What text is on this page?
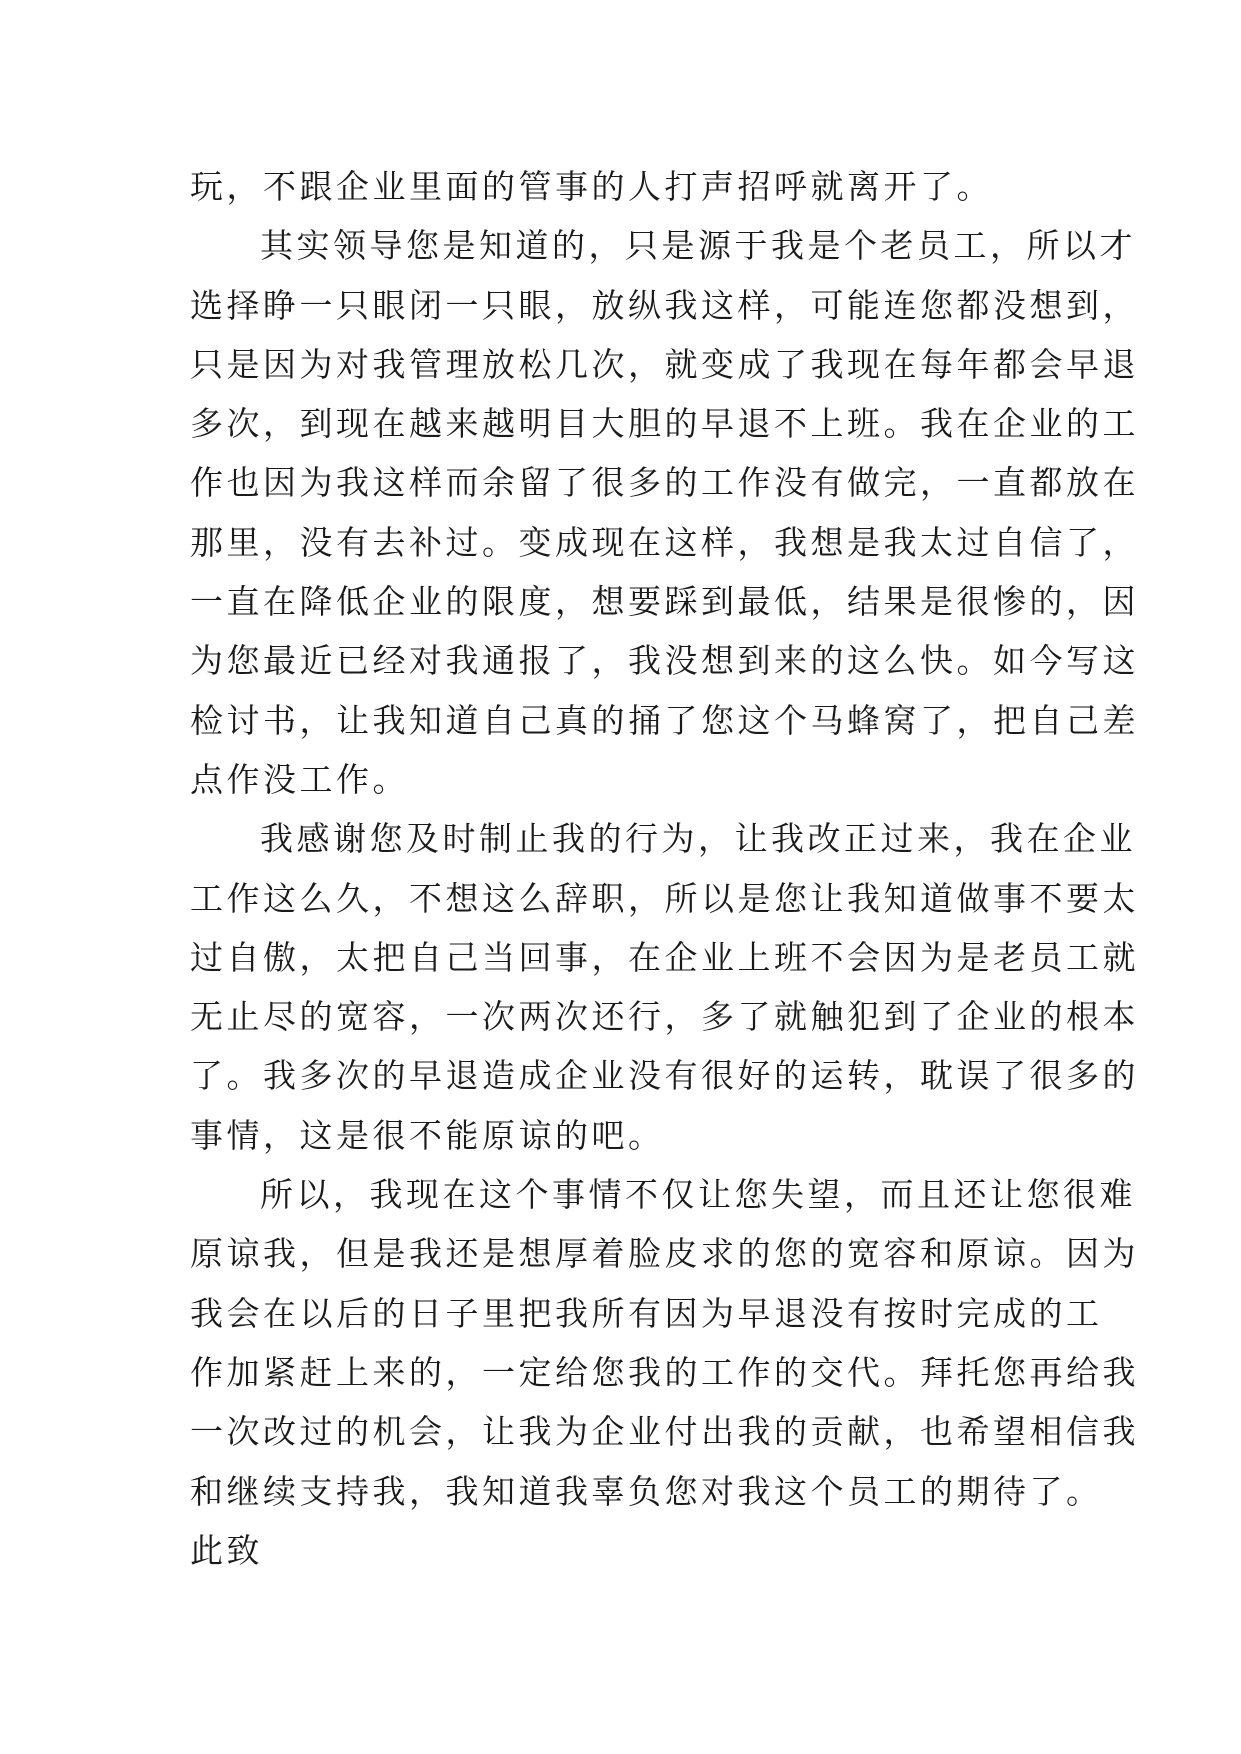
玩，不跟企业里面的管事的人打声招呼就离开了。
其实领导您是知道的，只是源于我是个老员工，所以才
选择睁一只眼闭一只眼，放纵我这样，可能连您都没想到，
只是因为对我管理放松几次，就变成了我现在每年都会早退
多次，到现在越来越明目大胆的早退不上班。我在企业的工
作也因为我这样而余留了很多的工作没有做完，一直都放在
那里，没有去补过。变成现在这样，我想是我太过自信了，
一直在降低企业的限度，想要踩到最低，结果是很惨的，因
为您最近已经对我通报了，我没想到来的这么快。如今写这
检讨书，让我知道自己真的捅了您这个马蜂窝了，把自己差
点作没工作。
我感谢您及时制止我的行为，让我改正过来，我在企业
工作这么久，不想这么辞职，所以是您让我知道做事不要太
过自傲，太把自己当回事，在企业上班不会因为是老员工就
无止尽的宽容，一次两次还行，多了就触犯到了企业的根本
了。我多次的早退造成企业没有很好的运转，耽误了很多的
事情，这是很不能原谅的吧。
所以，我现在这个事情不仅让您失望，而且还让您很难
原谅我，但是我还是想厚着脸皮求的您的宽容和原谅。因为
我会在以后的日子里把我所有因为早退没有按时完成的工
作加紧赶上来的，一定给您我的工作的交代。拜托您再给我
一次改过的机会，让我为企业付出我的贡献，也希望相信我
和继续支持我，我知道我辜负您对我这个员工的期待了。
此致
